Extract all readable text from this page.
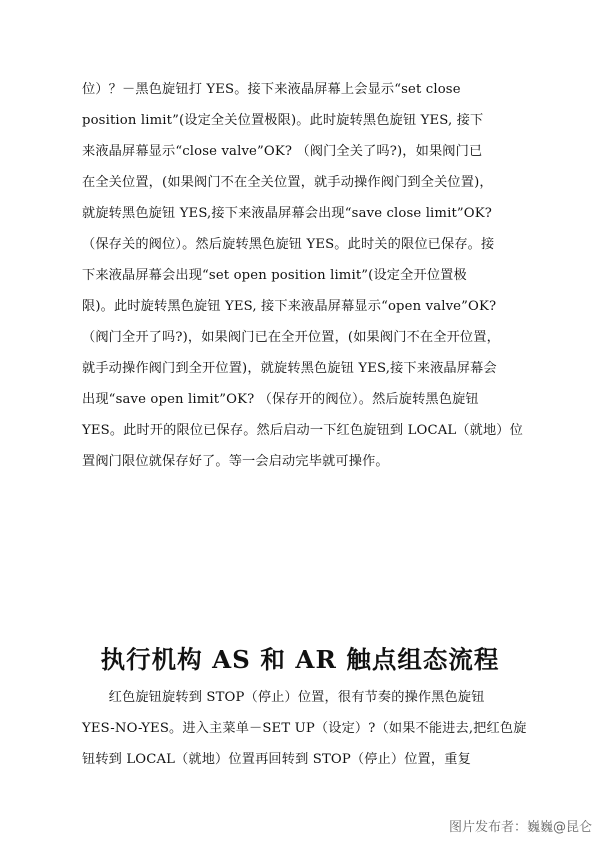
位）？－黑色旋钮打 YES。接下来液晶屏幕上会显示“set close
position limit”(设定全关位置极限)。此时旋转黑色旋钮 YES, 接下
来液晶屏幕显示“close valve”OK? （阀门全关了吗?)，如果阀门已
在全关位置，(如果阀门不在全关位置，就手动操作阀门到全关位置)，
就旋转黑色旋钮 YES,接下来液晶屏幕会出现“save close limit”OK?
（保存关的阀位）。然后旋转黑色旋钮 YES。此时关的限位已保存。接
下来液晶屏幕会出现“set open position limit”(设定全开位置极
限)。此时旋转黑色旋钮 YES, 接下来液晶屏幕显示“open valve”OK?
（阀门全开了吗?)，如果阀门已在全开位置，(如果阀门不在全开位置，
就手动操作阀门到全开位置)，就旋转黑色旋钮 YES,接下来液晶屏幕会
出现“save open limit”OK? （保存开的阀位）。然后旋转黑色旋钮
YES。此时开的限位已保存。然后启动一下红色旋钮到 LOCAL（就地）位
置阀门限位就保存好了。等一会启动完毕就可操作。
执行机构 AS 和 AR 触点组态流程
　　红色旋钮旋转到 STOP（停止）位置，很有节奏的操作黑色旋钮
YES-NO-YES。进入主菜单－SET UP（设定）?（如果不能进去,把红色旋
钮转到 LOCAL（就地）位置再回转到 STOP（停止）位置，重复
图片发布者：巍巍@昆仑
